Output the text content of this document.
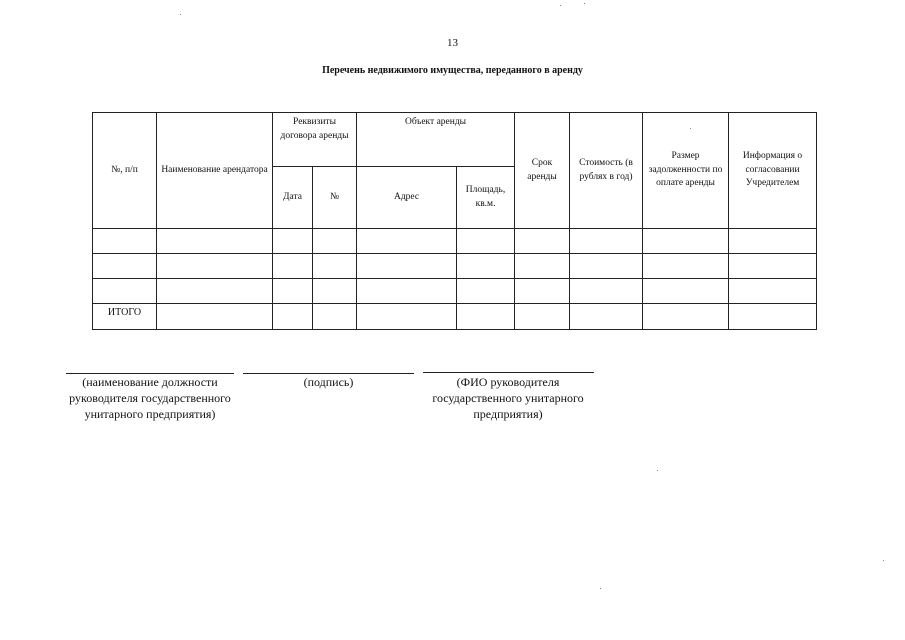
13
Перечень недвижимого имущества, переданного в аренду
№, п/п	Наименование арендатора	Реквизиты договора аренды		Объект аренды		Срок аренды	Стоимость (в рублях в год)	Размер задолженности по оплате аренды	Информация о согласовании Учредителем
		Дата	№	Адрес	Площадь, кв.м.				

ИТОГО									
(наименование должности руководителя государственного унитарного предприятия)
(подпись)	(ФИО руководителя государственного унитарного предприятия)
